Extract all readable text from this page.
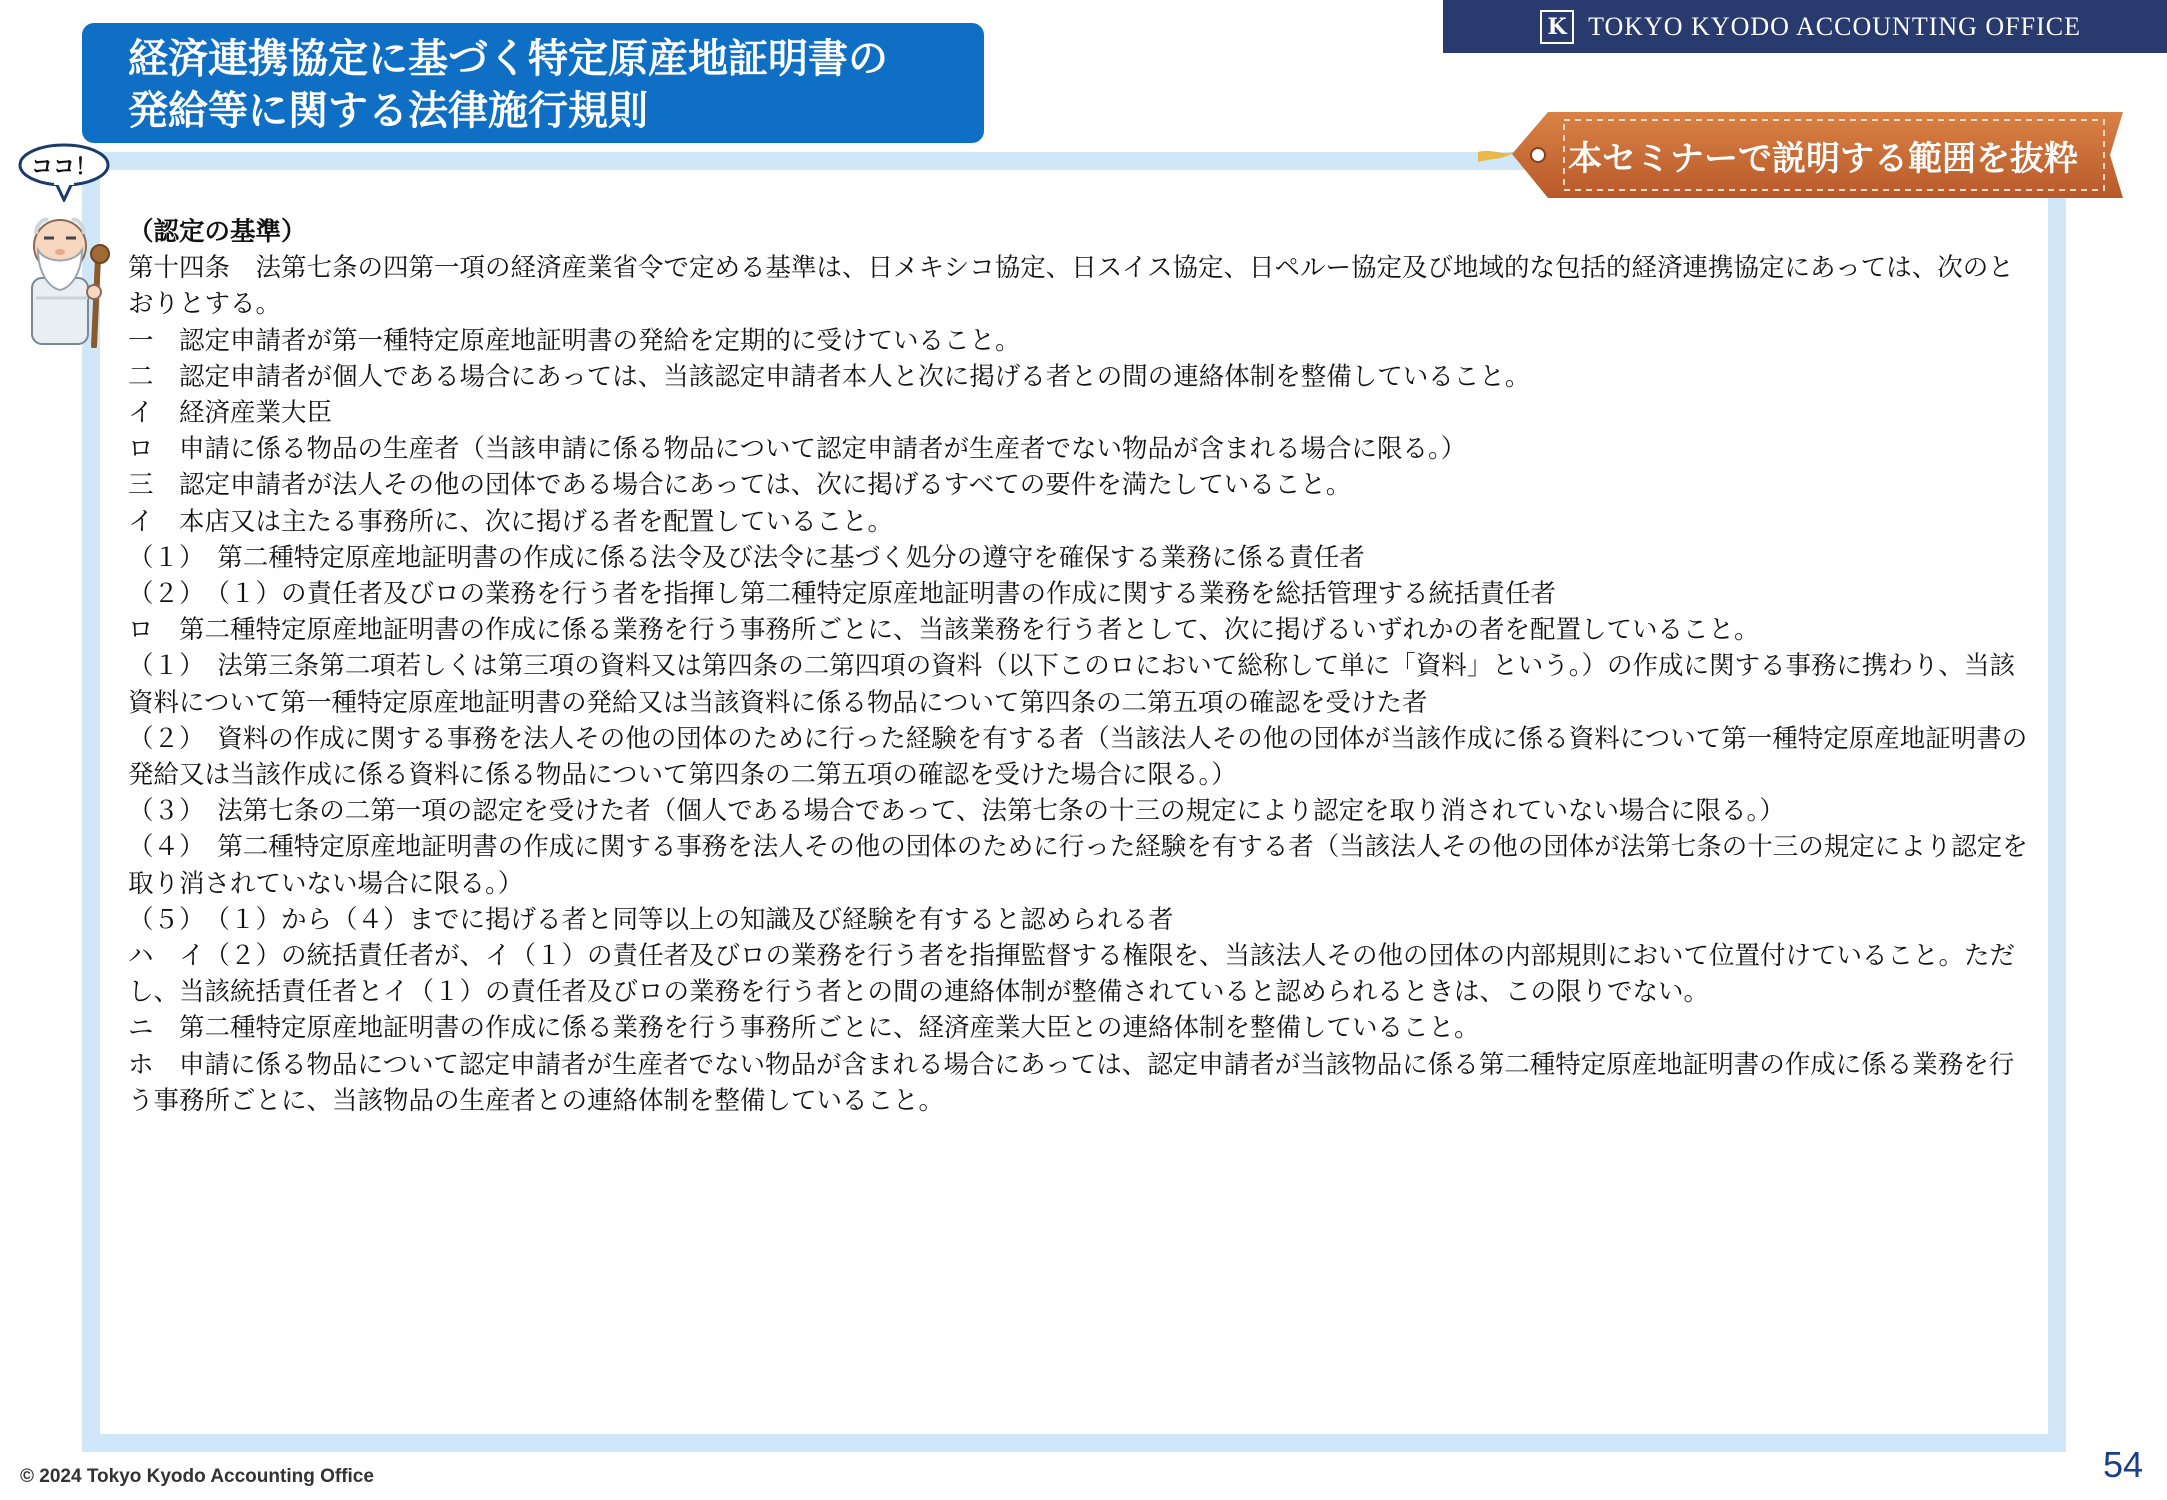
K TOKYO KYODO ACCOUNTING OFFICE
経済連携協定に基づく特定原産地証明書の
発給等に関する法律施行規則
本セミナーで説明する範囲を抜粋
ココ！

（認定の基準）

第十四条　法第七条の四第一項の経済産業省令で定める基準は、日メキシコ協定、日スイス協定、日ペルー協定及び地域的な包括的経済連携協定にあっては、次のとおりとする。

一　認定申請者が第一種特定原産地証明書の発給を定期的に受けていること。

二　認定申請者が個人である場合にあっては、当該認定申請者本人と次に掲げる者との間の連絡体制を整備していること。

イ　経済産業大臣

ロ　申請に係る物品の生産者（当該申請に係る物品について認定申請者が生産者でない物品が含まれる場合に限る。）

三　認定申請者が法人その他の団体である場合にあっては、次に掲げるすべての要件を満たしていること。

イ　本店又は主たる事務所に、次に掲げる者を配置していること。

（１）　第二種特定原産地証明書の作成に係る法令及び法令に基づく処分の遵守を確保する業務に係る責任者

（２）　（１）の責任者及びロの業務を行う者を指揮し第二種特定原産地証明書の作成に関する業務を総括管理する統括責任者

ロ　第二種特定原産地証明書の作成に係る業務を行う事務所ごとに、当該業務を行う者として、次に掲げるいずれかの者を配置していること。

（１）　法第三条第二項若しくは第三項の資料又は第四条の二第四項の資料（以下このロにおいて総称して単に「資料」という。）の作成に関する事務に携わり、当該資料について第一種特定原産地証明書の発給又は当該資料に係る物品について第四条の二第五項の確認を受けた者

（２）　資料の作成に関する事務を法人その他の団体のために行った経験を有する者（当該法人その他の団体が当該作成に係る資料について第一種特定原産地証明書の発給又は当該作成に係る資料に係る物品について第四条の二第五項の確認を受けた場合に限る。）

（３）　法第七条の二第一項の認定を受けた者（個人である場合であって、法第七条の十三の規定により認定を取り消されていない場合に限る。）

（４）　第二種特定原産地証明書の作成に関する事務を法人その他の団体のために行った経験を有する者（当該法人その他の団体が法第七条の十三の規定により認定を取り消されていない場合に限る。）

（５）　（１）から（４）までに掲げる者と同等以上の知識及び経験を有すると認められる者

ハ　イ（２）の統括責任者が、イ（１）の責任者及びロの業務を行う者を指揮監督する権限を、当該法人その他の団体の内部規則において位置付けていること。ただし、当該統括責任者とイ（１）の責任者及びロの業務を行う者との間の連絡体制が整備されていると認められるときは、この限りでない。

ニ　第二種特定原産地証明書の作成に係る業務を行う事務所ごとに、経済産業大臣との連絡体制を整備していること。

ホ　申請に係る物品について認定申請者が生産者でない物品が含まれる場合にあっては、認定申請者が当該物品に係る第二種特定原産地証明書の作成に係る業務を行う事務所ごとに、当該物品の生産者との連絡体制を整備していること。

© 2024 Tokyo Kyodo Accounting Office	54
